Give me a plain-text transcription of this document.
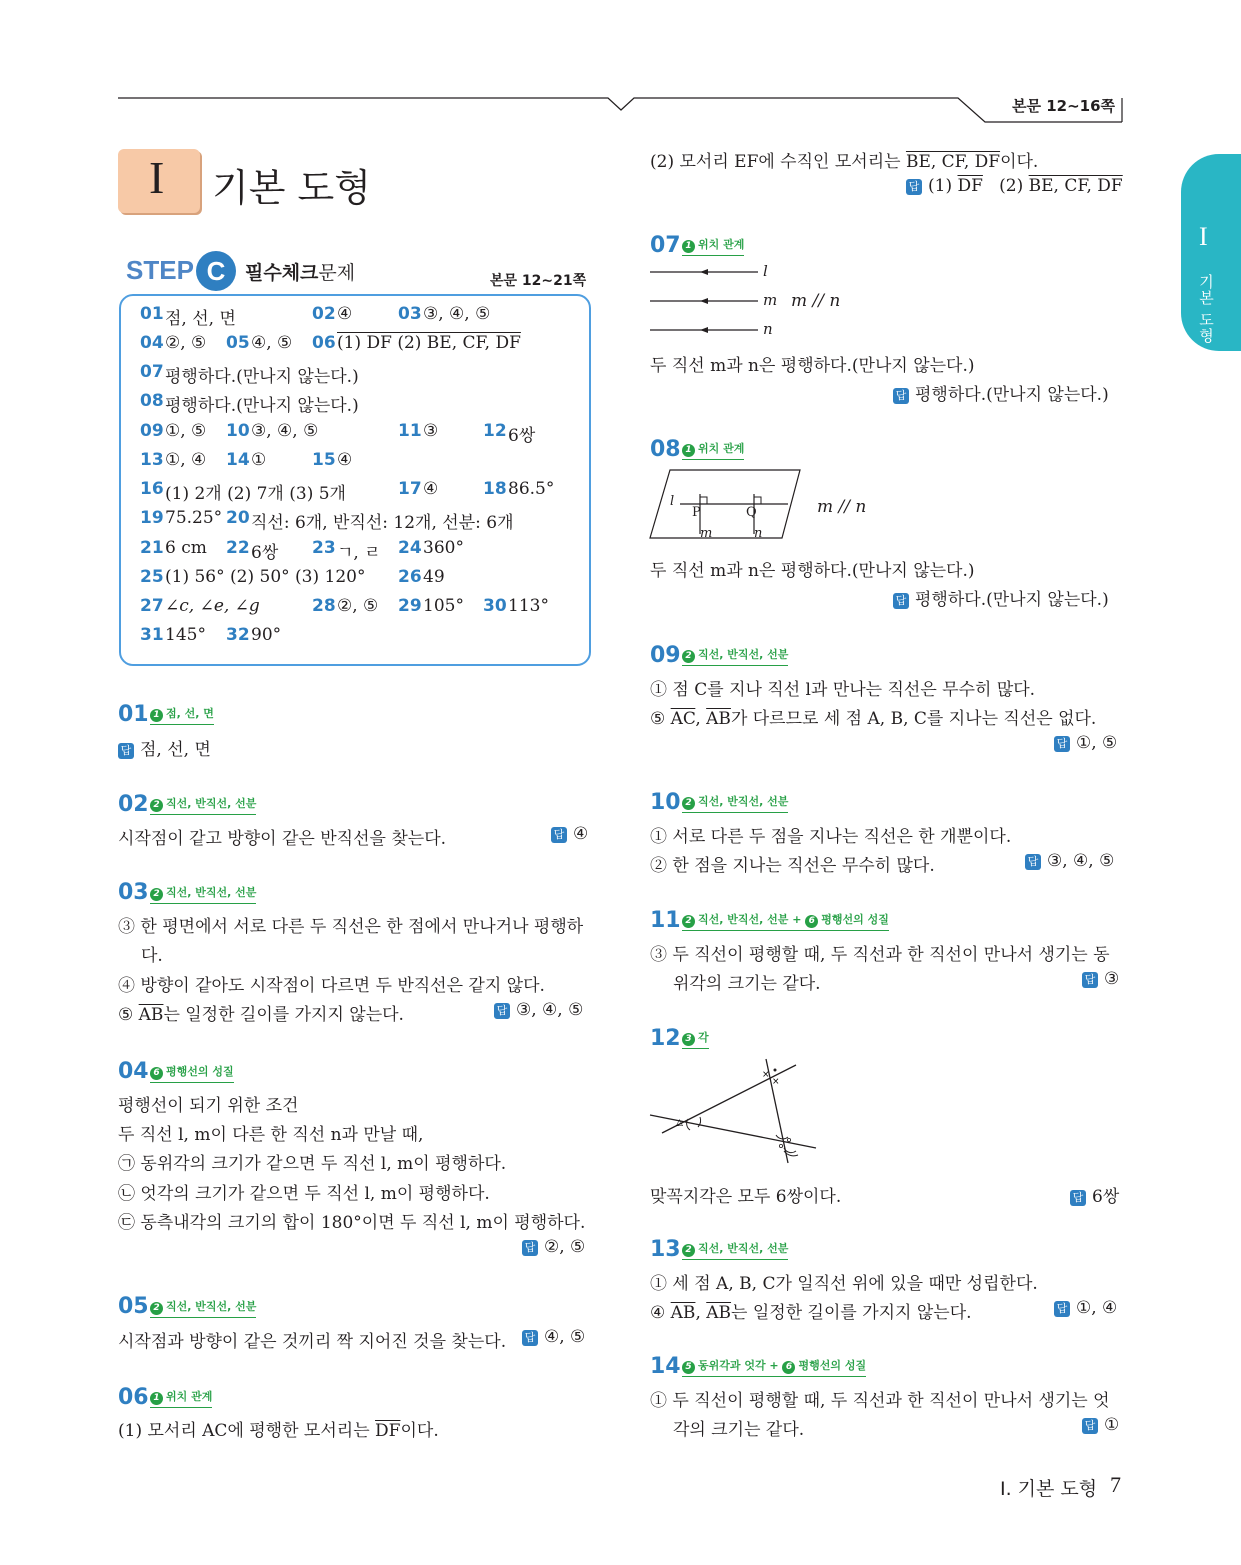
본문 12∼16쪽
I
기본 도형
I 기본 도형
STEP C	필수체크문제	본문 12∼21쪽
01 점, 선, 면	02 ④	03 ③, ④, ⑤
04 ②, ⑤ 05 ④, ⑤ 06 (1) DF (2) BE, CF, DF
07 평행하다.(만나지 않는다.)
08 평행하다.(만나지 않는다.)
09 ①, ⑤ 10 ③, ④, ⑤	11 ③	12 6쌍
13 ①, ④ 14 ①	15 ④
16 (1) 2개 (2) 7개 (3) 5개	17 ④	18 86.5°
19 75.25° 20 직선: 6개, 반직선: 12개, 선분: 6개
21 6 cm 22 6쌍 23 ㄱ, ㄹ 24 360°
25 (1) 56° (2) 50° (3) 120° 26 49
27 ∠c, ∠e, ∠g	28 ②, ⑤ 29 105° 30 113°
31 145° 32 90°
01 1 점, 선, 면
답 점, 선, 면
02 2 직선, 반직선, 선분
시작점이 같고 방향이 같은 반직선을 찾는다.	답 ④
03 2 직선, 반직선, 선분
③ 한 평면에서 서로 다른 두 직선은 한 점에서 만나거나 평행하
다.
④ 방향이 같아도 시작점이 다르면 두 반직선은 같지 않다.
⑤ $\overline{AB}$는 일정한 길이를 가지지 않는다.	답 ③, ④, ⑤
04 6 평행선의 성질
평행선이 되기 위한 조건
두 직선 l, m이 다른 한 직선 n과 만날 때,
㉠ 동위각의 크기가 같으면 두 직선 l, m이 평행하다.
㉡ 엇각의 크기가 같으면 두 직선 l, m이 평행하다.
㉢ 동측내각의 크기의 합이 180°이면 두 직선 l, m이 평행하다.
답 ②, ⑤
05 2 직선, 반직선, 선분
시작점과 방향이 같은 것끼리 짝 지어진 것을 찾는다. 답 ④, ⑤
06 1 위치 관계
(1) 모서리 AC에 평행한 모서리는 $\overline{DF}$이다.
(2) 모서리 EF에 수직인 모서리는 BE, CF, DF이다.
답 (1) $\overline{DF}$   (2) BE, CF, DF
07 1 위치 관계
l
m
n
m // n
두 직선 m과 n은 평행하다.(만나지 않는다.)
답 평행하다.(만나지 않는다.)
08 1 위치 관계
l
P	Q
m	n
m // n
두 직선 m과 n은 평행하다.(만나지 않는다.)
답 평행하다.(만나지 않는다.)
09 2 직선, 반직선, 선분
① 점 C를 지나 직선 l과 만나는 직선은 무수히 많다.
⑤ $\overline{AC}$, $\overline{AB}$가 다르므로 세 점 A, B, C를 지나는 직선은 없다.
답 ①, ⑤
10 2 직선, 반직선, 선분
① 서로 다른 두 점을 지나는 직선은 한 개뿐이다.
② 한 점을 지나는 직선은 무수히 많다.	답 ③, ④, ⑤
11 2 직선, 반직선, 선분 + 6 평행선의 성질
③ 두 직선이 평행할 때, 두 직선과 한 직선이 만나서 생기는 동
위각의 크기는 같다.	답 ③
12 3 각
△
×
×
맞꼭지각은 모두 6쌍이다.	답 6쌍
13 2 직선, 반직선, 선분
① 세 점 A, B, C가 일직선 위에 있을 때만 성립한다.
④ $\overline{AB}$, $\overline{AB}$는 일정한 길이를 가지지 않는다.	답 ①, ④
14 5 동위각과 엇각 + 6 평행선의 성질
① 두 직선이 평행할 때, 두 직선과 한 직선이 만나서 생기는 엇
각의 크기는 같다.	답 ①
I. 기본 도형 7
